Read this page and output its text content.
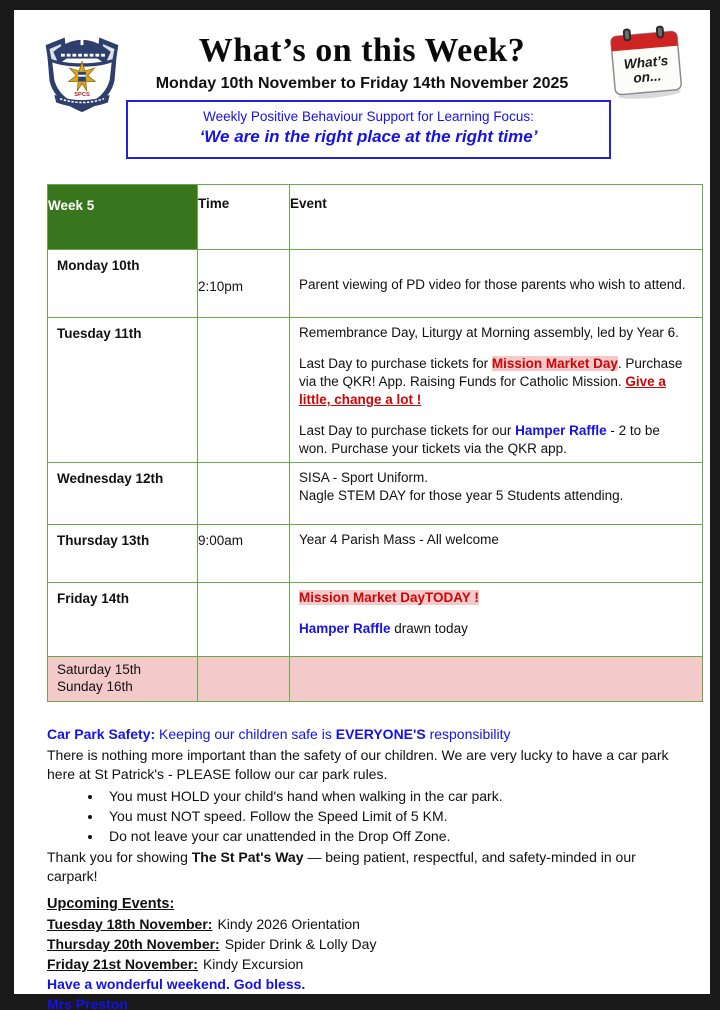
SPCS
What’s
on...
What’s on this Week?
Monday 10th November to Friday 14th November 2025
Weekly Positive Behaviour Support for Learning Focus:
‘We are in the right place at the right time’
Week 5	Time	Event
Monday 10th	2:10pm	Parent viewing of PD video for those parents who wish to attend.

Tuesday 11th		Remembrance Day, Liturgy at Morning assembly, led by Year 6.
Last Day to purchase tickets for Mission Market Day. Purchase via the QKR! App. Raising Funds for Catholic Mission. Give a little, change a lot !
Last Day to purchase tickets for our Hamper Raffle - 2 to be won. Purchase your tickets via the QKR app.

Wednesday 12th		SISA - Sport Uniform.
Nagle STEM DAY for those year 5 Students attending.

Thursday 13th	9:00am	Year 4 Parish Mass - All welcome

Friday 14th		Mission Market DayTODAY !
Hamper Raffle drawn today

Saturday 15th
Sunday 16th		

Car Park Safety: Keeping our children safe is EVERYONE'S responsibility
There is nothing more important than the safety of our children. We are very lucky to have a car park here at St Patrick's - PLEASE follow our car park rules.
• You must HOLD your child's hand when walking in the car park.
• You must NOT speed. Follow the Speed Limit of 5 KM.
• Do not leave your car unattended in the Drop Off Zone.
Thank you for showing The St Pat's Way — being patient, respectful, and safety-minded in our carpark!
Upcoming Events:
Tuesday 18th November: Kindy 2026 Orientation
Thursday 20th November: Spider Drink & Lolly Day
Friday 21st November: Kindy Excursion
Have a wonderful weekend. God bless.
Mrs Preston
